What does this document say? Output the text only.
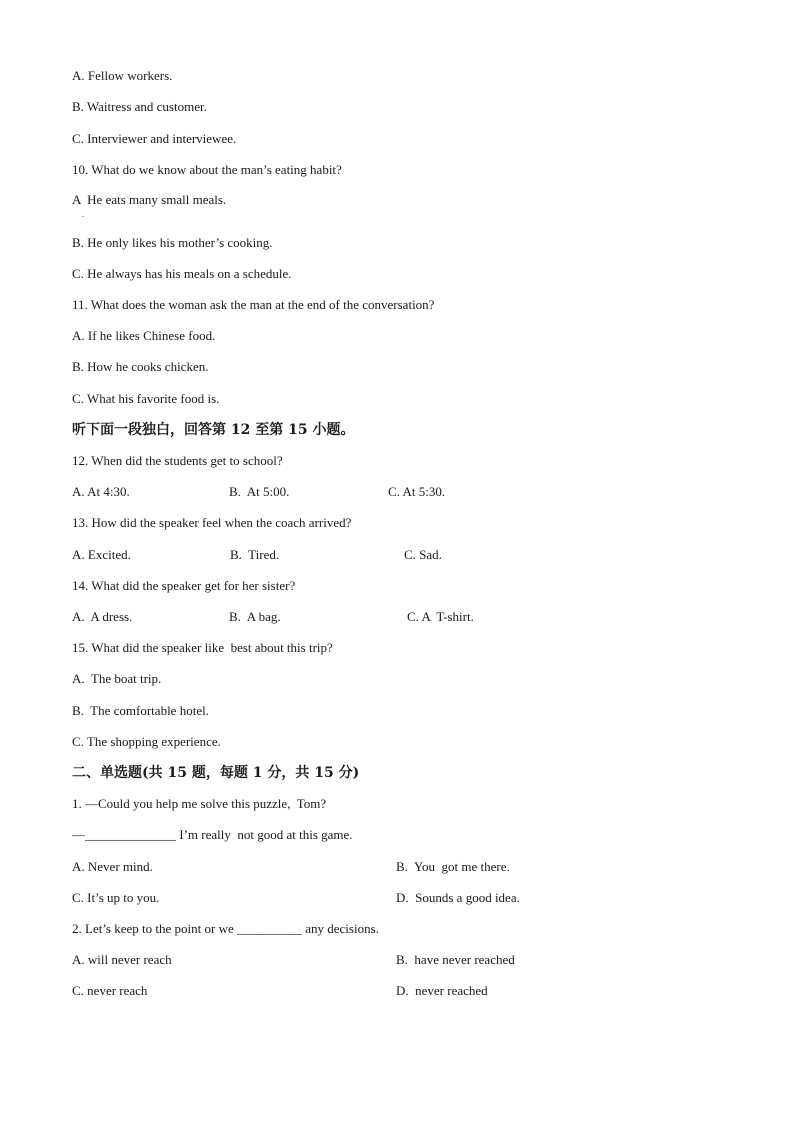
A. Fellow workers.
B. Waitress and customer.
C. Interviewer and interviewee.
10. What do we know about the man’s eating habit?
A  He eats many small meals.
.
B. He only likes his mother’s cooking.
C. He always has his meals on a schedule.
11. What does the woman ask the man at the end of the conversation?
A. If he likes Chinese food.
B. How he cooks chicken.
C. What his favorite food is.
听下面一段独白，回答第 12 至第 15 小题。
12. When did the students get to school?
A. At 4:30.	B.  At 5:00.	C. At 5:30.
13. How did the speaker feel when the coach arrived?
A. Excited.	B.  Tired.	C. Sad.
14. What did the speaker get for her sister?
A.  A dress.	B.  A bag.	C. A  T-shirt.
15. What did the speaker like  best about this trip?
A.  The boat trip.
B.  The comfortable hotel.
C. The shopping experience.
二、单选题(共 15 题，每题 1 分，共 15 分)
1. —Could you help me solve this puzzle,  Tom?
—______________ I’m really  not good at this game.
A. Never mind.	B.  You  got me there.
C. It’s up to you.	D.  Sounds a good idea.
2. Let’s keep to the point or we __________ any decisions.
A. will never reach	B.  have never reached
C. never reach	D.  never reached
